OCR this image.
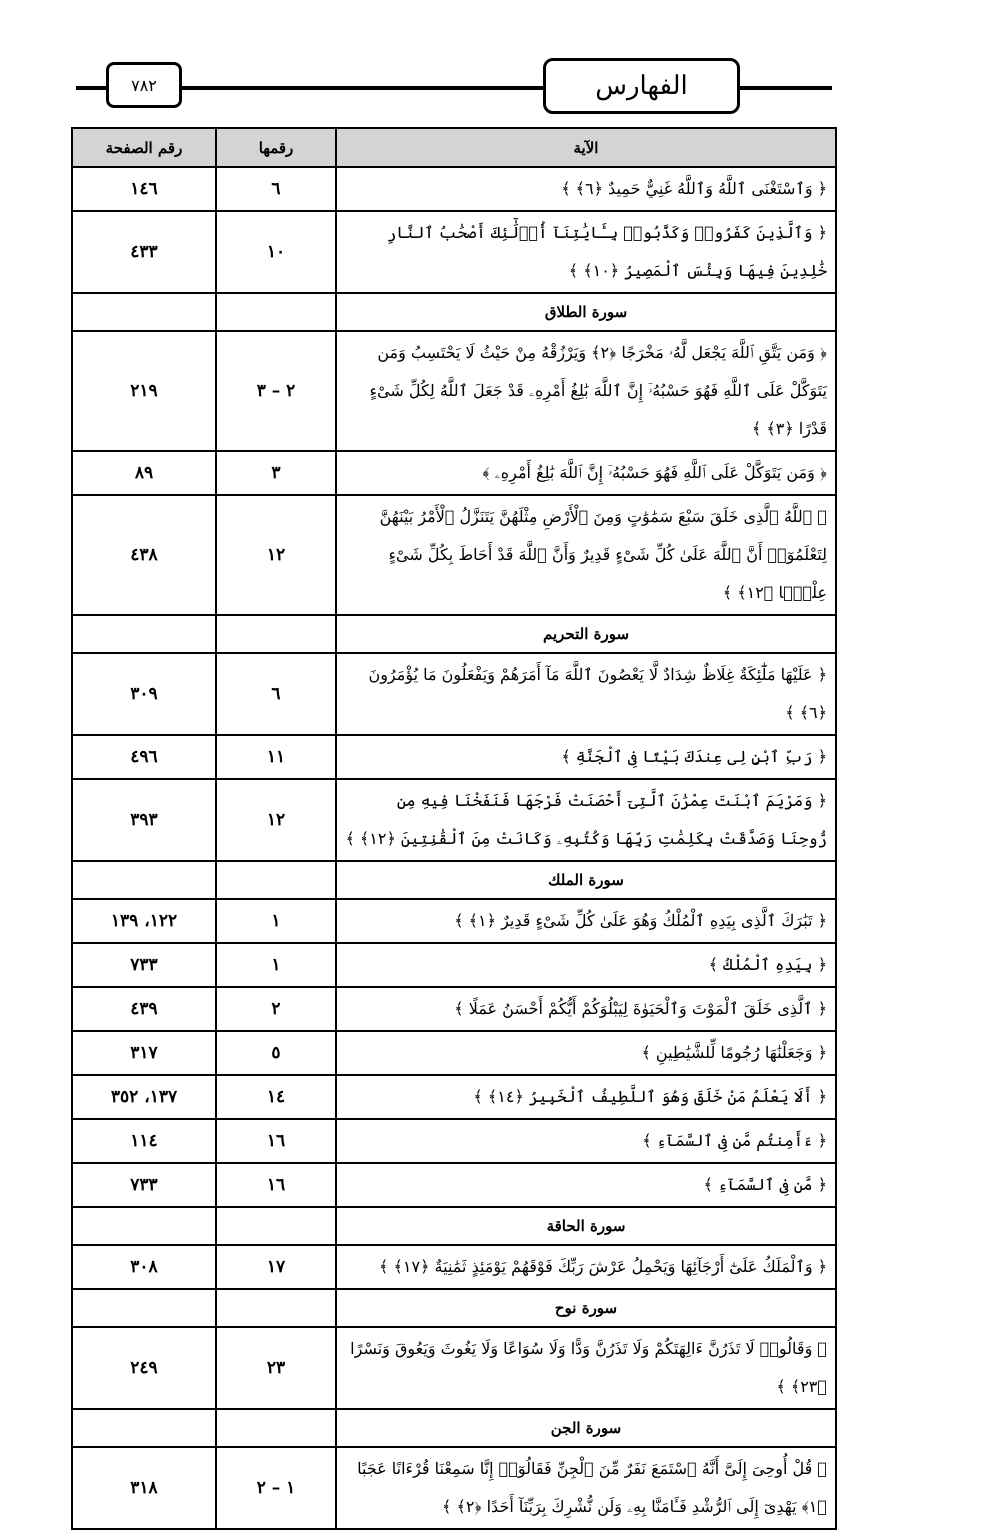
٧٨٢	الفهارس
الآية	رقمها	رقم الصفحة
﴿ وَٱسْتَغْنَى ٱللَّهُ وَٱللَّهُ غَنِيٌّ حَمِيدٌ ﴿٦﴾ ﴾	٦	١٤٦
﴿ وَٱلَّذِينَ كَفَرُوا۟ وَكَذَّبُوا۟ بِـَٔايَٰتِنَآ أُو۟لَٰٓئِكَ أَصْحَٰبُ ٱلنَّارِ خَٰلِدِينَ فِيهَا وَبِئْسَ ٱلْمَصِيرُ ﴿١٠﴾ ﴾	١٠	٤٣٣
سورة الطلاق		
﴿ وَمَن يَتَّقِ ٱللَّهَ يَجْعَل لَّهُۥ مَخْرَجًا ﴿٢﴾ وَيَرْزُقْهُ مِنْ حَيْثُ لَا يَحْتَسِبُ وَمَن يَتَوَكَّلْ عَلَى ٱللَّهِ فَهُوَ حَسْبُهُۥٓ إِنَّ ٱللَّهَ بَٰلِغُ أَمْرِهِۦ قَدْ جَعَلَ ٱللَّهُ لِكُلِّ شَىْءٍ قَدْرًا ﴿٣﴾ ﴾	٢ – ٣	٢١٩
﴿ وَمَن يَتَوَكَّلْ عَلَى ٱللَّهِ فَهُوَ حَسْبُهُۥٓ إِنَّ ٱللَّهَ بَٰلِغُ أَمْرِهِۦ ﴾	٣	٨٩
﴿ ٱللَّهُ ٱلَّذِى خَلَقَ سَبْعَ سَمَٰوَٰتٍ وَمِنَ ٱلْأَرْضِ مِثْلَهُنَّ يَتَنَزَّلُ ٱلْأَمْرُ بَيْنَهُنَّ لِتَعْلَمُوٓا۟ أَنَّ ٱللَّهَ عَلَىٰ كُلِّ شَىْءٍ قَدِيرٌ وَأَنَّ ٱللَّهَ قَدْ أَحَاطَ بِكُلِّ شَىْءٍ عِلْمًۢا ﴿١٢﴾ ﴾	١٢	٤٣٨
سورة التحريم		
﴿ عَلَيْهَا مَلَٰٓئِكَةٌ غِلَاظٌ شِدَادٌ لَّا يَعْصُونَ ٱللَّهَ مَآ أَمَرَهُمْ وَيَفْعَلُونَ مَا يُؤْمَرُونَ ﴿٦﴾ ﴾	٦	٣٠٩
﴿ رَبِّ ٱبْنِ لِى عِندَكَ بَيْتًا فِى ٱلْجَنَّةِ ﴾	١١	٤٩٦
﴿ وَمَرْيَمَ ٱبْنَتَ عِمْرَٰنَ ٱلَّتِىٓ أَحْصَنَتْ فَرْجَهَا فَنَفَخْنَا فِيهِ مِن رُّوحِنَا وَصَدَّقَتْ بِكَلِمَٰتِ رَبِّهَا وَكُتُبِهِۦ وَكَانَتْ مِنَ ٱلْقَٰنِتِينَ ﴿١٢﴾ ﴾	١٢	٣٩٣
سورة الملك		
﴿ تَبَٰرَكَ ٱلَّذِى بِيَدِهِ ٱلْمُلْكُ وَهُوَ عَلَىٰ كُلِّ شَىْءٍ قَدِيرٌ ﴿١﴾ ﴾	١	١٢٢، ١٣٩
﴿ بِيَدِهِ ٱلْمُلْكُ ﴾	١	٧٣٣
﴿ ٱلَّذِى خَلَقَ ٱلْمَوْتَ وَٱلْحَيَوٰةَ لِيَبْلُوَكُمْ أَيُّكُمْ أَحْسَنُ عَمَلًا ﴾	٢	٤٣٩
﴿ وَجَعَلْنَٰهَا رُجُومًا لِّلشَّيَٰطِينِ ﴾	٥	٣١٧
﴿ أَلَا يَعْلَمُ مَنْ خَلَقَ وَهُوَ ٱللَّطِيفُ ٱلْخَبِيرُ ﴿١٤﴾ ﴾	١٤	١٣٧، ٣٥٢
﴿ ءَأَمِنتُم مَّن فِى ٱلسَّمَآءِ ﴾	١٦	١١٤
﴿ مَّن فِى ٱلسَّمَآءِ ﴾	١٦	٧٣٣
سورة الحاقة		
﴿ وَٱلْمَلَكُ عَلَىٰٓ أَرْجَآئِهَا وَيَحْمِلُ عَرْشَ رَبِّكَ فَوْقَهُمْ يَوْمَئِذٍ ثَمَٰنِيَةٌ ﴿١٧﴾ ﴾	١٧	٣٠٨
سورة نوح		
﴿ وَقَالُوا۟ لَا تَذَرُنَّ ءَالِهَتَكُمْ وَلَا تَذَرُنَّ وَدًّا وَلَا سُوَاعًا وَلَا يَغُوثَ وَيَعُوقَ وَنَسْرًا ﴿٢٣﴾ ﴾	٢٣	٢٤٩
سورة الجن		
﴿ قُلْ أُوحِىَ إِلَىَّ أَنَّهُ ٱسْتَمَعَ نَفَرٌ مِّنَ ٱلْجِنِّ فَقَالُوٓا۟ إِنَّا سَمِعْنَا قُرْءَانًا عَجَبًا ﴿١﴾ يَهْدِىٓ إِلَى ٱلرُّشْدِ فَـَٔامَنَّا بِهِۦ وَلَن نُّشْرِكَ بِرَبِّنَآ أَحَدًا ﴿٢﴾ ﴾	١ – ٢	٣١٨
